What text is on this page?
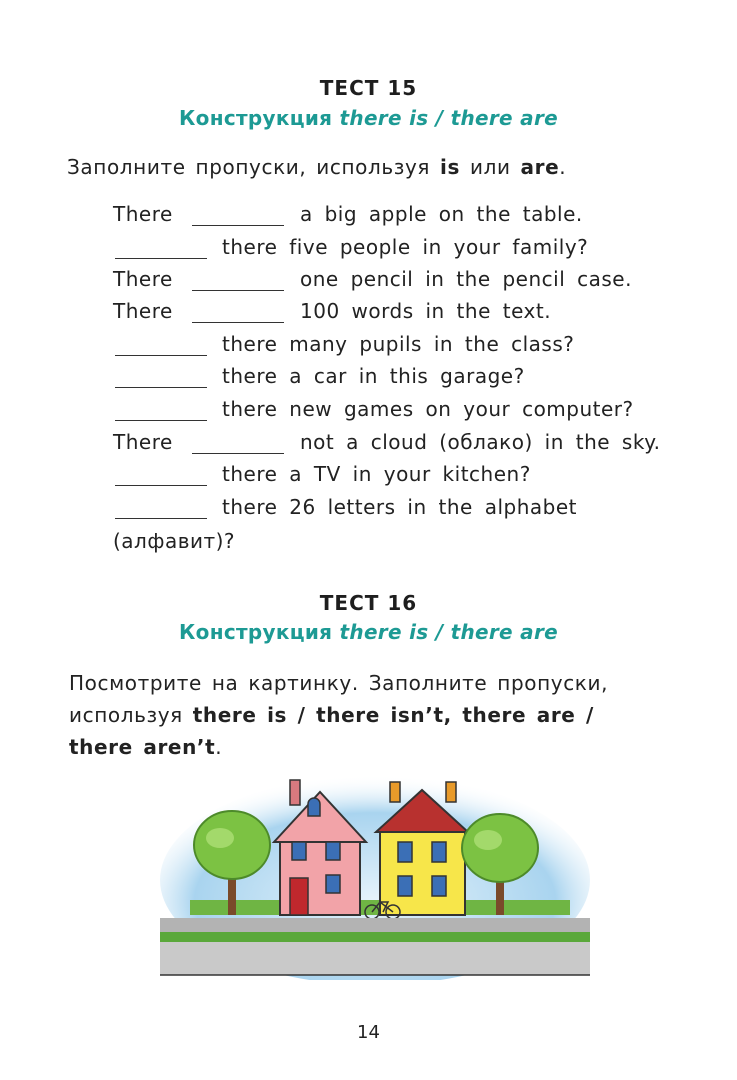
ТЕСТ 15
Конструкция there is / there are
Заполните пропуски, используя is или are.
There	a big apple on the table.
there five people in your family?
There	one pencil in the pencil case.
There	100 words in the text.
there many pupils in the class?
there a car in this garage?
there new games on your computer?
There	not a cloud (облако) in the sky.
there a TV in your kitchen?
there 26 letters in the alphabet
(алфавит)?
ТЕСТ 16
Конструкция there is / there are
Посмотрите на картинку. Заполните пропуски,
используя there is / there isn’t, there are /
there aren’t.
14
